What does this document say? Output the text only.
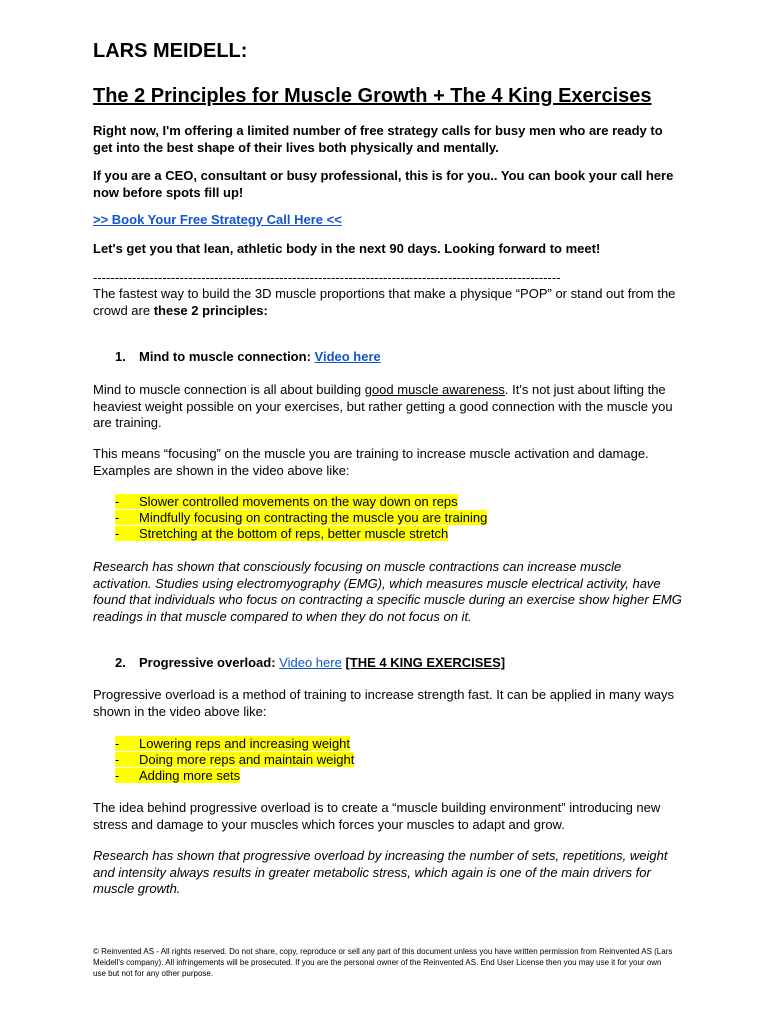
LARS MEIDELL:
The 2 Principles for Muscle Growth + The 4 King Exercises

Right now, I'm offering a limited number of free strategy calls for busy men who are ready to get into the best shape of their lives both physically and mentally.

If you are a CEO, consultant or busy professional, this is for you.. You can book your call here now before spots fill up!

>> Book Your Free Strategy Call Here <<

Let's get you that lean, athletic body in the next 90 days. Looking forward to meet!

------------------------------------------------------------------------------------------------------------

The fastest way to build the 3D muscle proportions that make a physique “POP” or stand out from the crowd are these 2 principles:

1. Mind to muscle connection: Video here

Mind to muscle connection is all about building good muscle awareness. It's not just about lifting the heaviest weight possible on your exercises, but rather getting a good connection with the muscle you are training.

This means “focusing” on the muscle you are training to increase muscle activation and damage. Examples are shown in the video above like:

- Slower controlled movements on the way down on reps
- Mindfully focusing on contracting the muscle you are training
- Stretching at the bottom of reps, better muscle stretch

Research has shown that consciously focusing on muscle contractions can increase muscle activation. Studies using electromyography (EMG), which measures muscle electrical activity, have found that individuals who focus on contracting a specific muscle during an exercise show higher EMG readings in that muscle compared to when they do not focus on it.

2. Progressive overload: Video here [THE 4 KING EXERCISES]

Progressive overload is a method of training to increase strength fast. It can be applied in many ways shown in the video above like:

- Lowering reps and increasing weight
- Doing more reps and maintain weight
- Adding more sets

The idea behind progressive overload is to create a “muscle building environment” introducing new stress and damage to your muscles which forces your muscles to adapt and grow.

Research has shown that progressive overload by increasing the number of sets, repetitions, weight and intensity always results in greater metabolic stress, which again is one of the main drivers for muscle growth.

© Reinvented AS - All rights reserved. Do not share, copy, reproduce or sell any part of this document unless you have written permission from Reinvented AS (Lars Meidell's company). All infringements will be prosecuted. If you are the personal owner of the Reinvented AS. End User License then you may use it for your own use but not for any other purpose.
